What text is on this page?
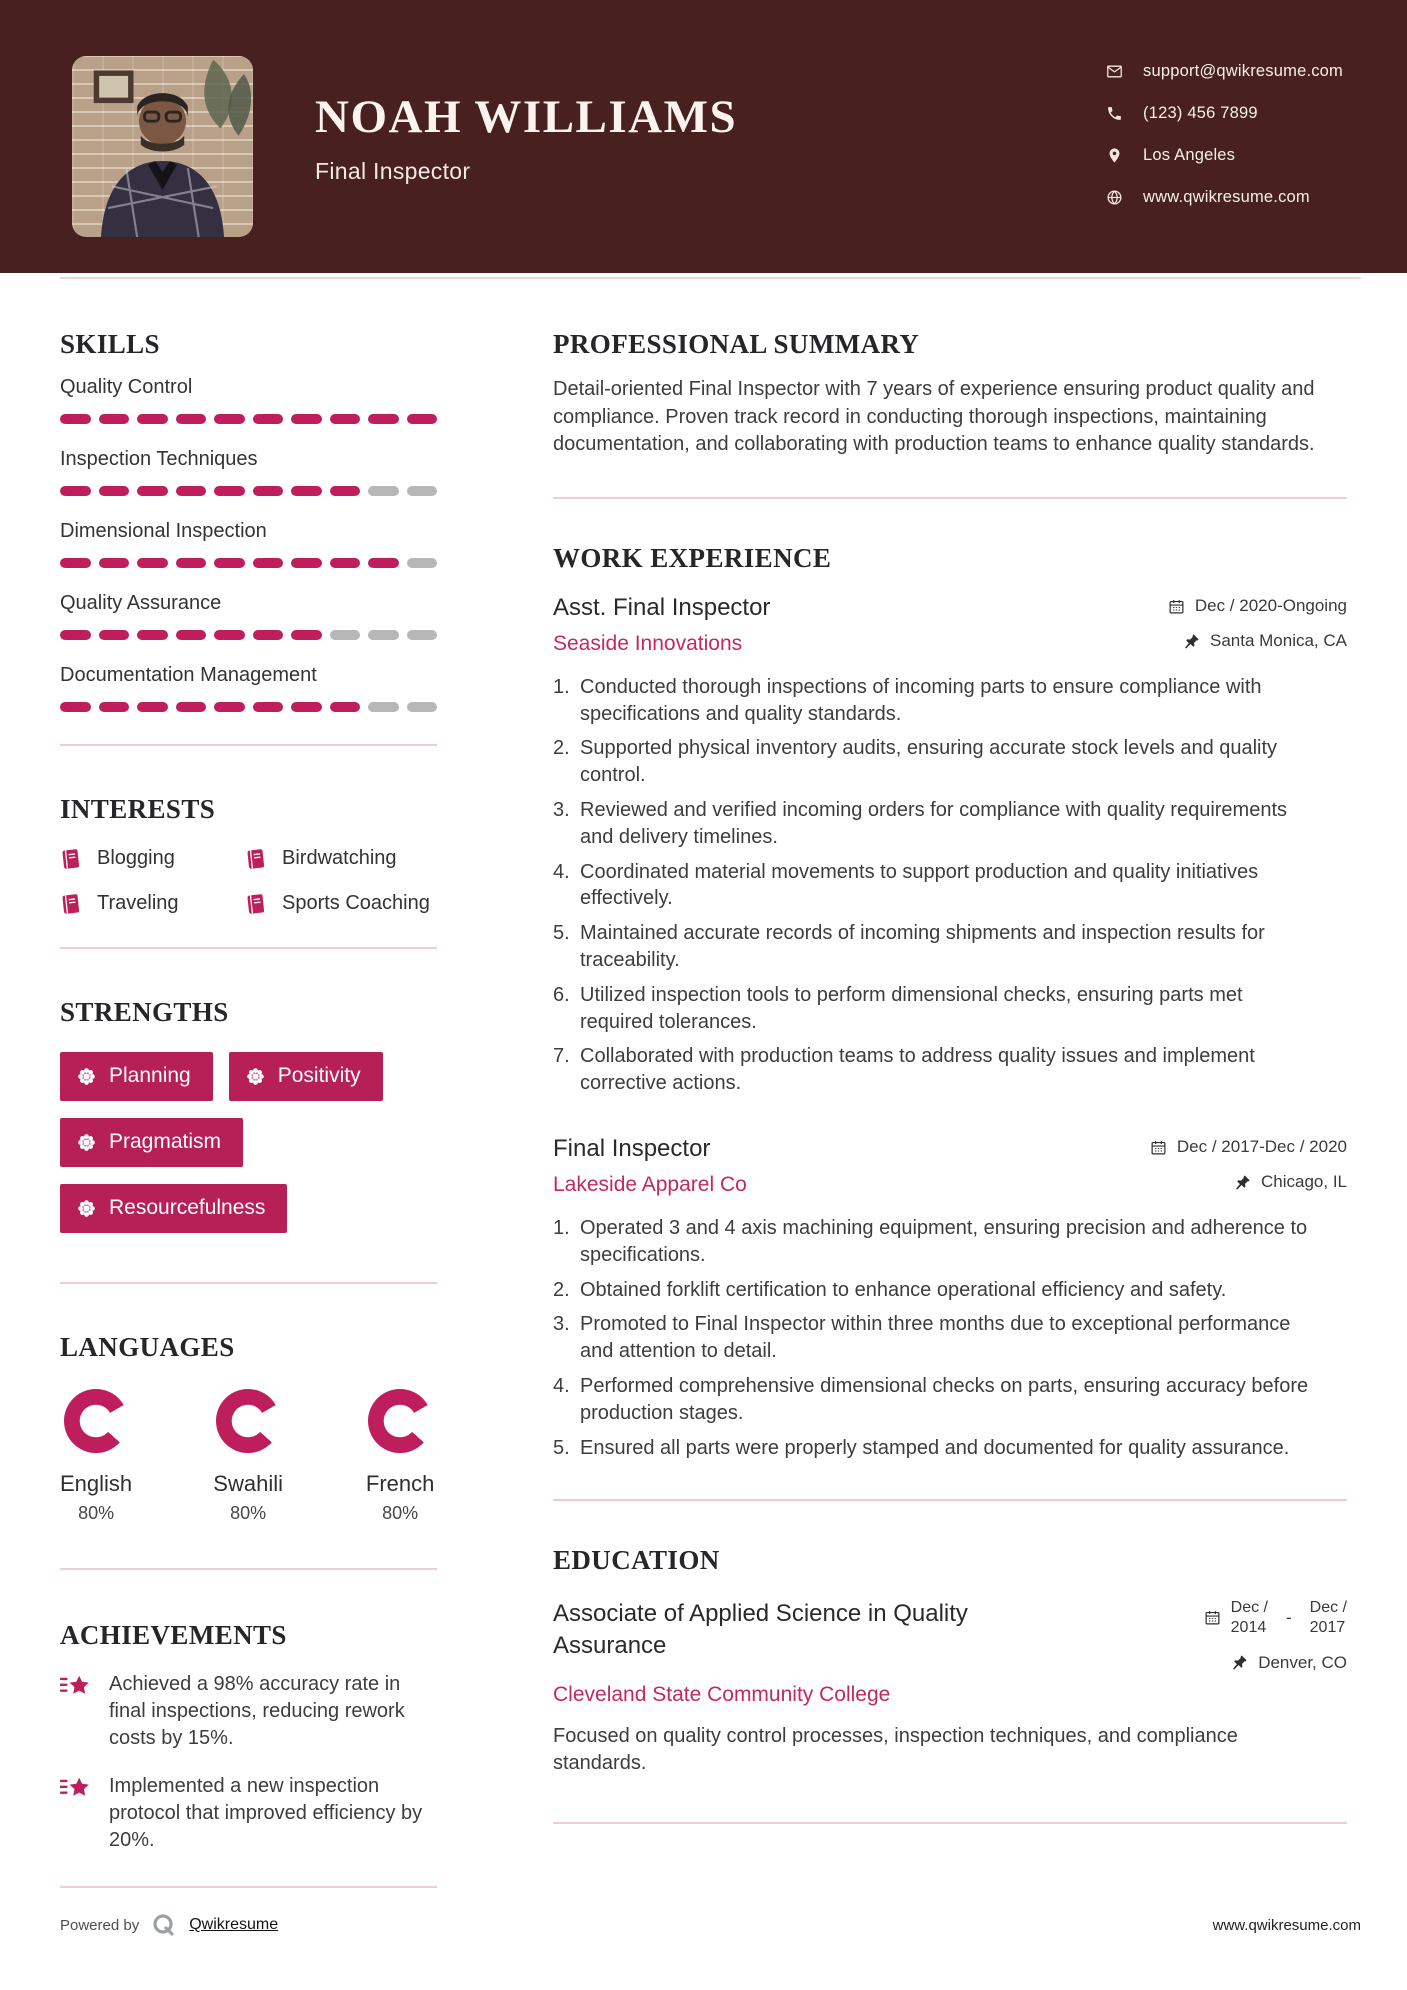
NOAH WILLIAMS
Final Inspector
support@qwikresume.com
(123) 456 7899
Los Angeles
www.qwikresume.com
SKILLS
Quality Control
Inspection Techniques
Dimensional Inspection
Quality Assurance
Documentation Management
INTERESTS
Blogging	Birdwatching
Traveling	Sports Coaching
STRENGTHS
Planning	Positivity
Pragmatism
Resourcefulness
LANGUAGES
English
80%
Swahili
80%
French
80%
ACHIEVEMENTS
Achieved a 98% accuracy rate in final inspections, reducing rework costs by 15%.
Implemented a new inspection protocol that improved efficiency by 20%.
PROFESSIONAL SUMMARY

Detail-oriented Final Inspector with 7 years of experience ensuring product quality and compliance. Proven track record in conducting thorough inspections, maintaining documentation, and collaborating with production teams to enhance quality standards.

WORK EXPERIENCE
Asst. Final Inspector	Dec / 2020-Ongoing
Seaside Innovations	Santa Monica, CA
Conducted thorough inspections of incoming parts to ensure compliance with specifications and quality standards.
Supported physical inventory audits, ensuring accurate stock levels and quality control.
Reviewed and verified incoming orders for compliance with quality requirements and delivery timelines.
Coordinated material movements to support production and quality initiatives effectively.
Maintained accurate records of incoming shipments and inspection results for traceability.
Utilized inspection tools to perform dimensional checks, ensuring parts met required tolerances.
Collaborated with production teams to address quality issues and implement corrective actions.
Final Inspector	Dec / 2017-Dec / 2020
Lakeside Apparel Co	Chicago, IL
Operated 3 and 4 axis machining equipment, ensuring precision and adherence to specifications.
Obtained forklift certification to enhance operational efficiency and safety.
Promoted to Final Inspector within three months due to exceptional performance and attention to detail.
Performed comprehensive dimensional checks on parts, ensuring accuracy before production stages.
Ensured all parts were properly stamped and documented for quality assurance.
EDUCATION
Associate of Applied Science in Quality Assurance
Dec /
2014
- Dec /
2017
Denver, CO
Cleveland State Community College

Focused on quality control processes, inspection techniques, and compliance standards.

Powered by	Qwikresume	www.qwikresume.com
